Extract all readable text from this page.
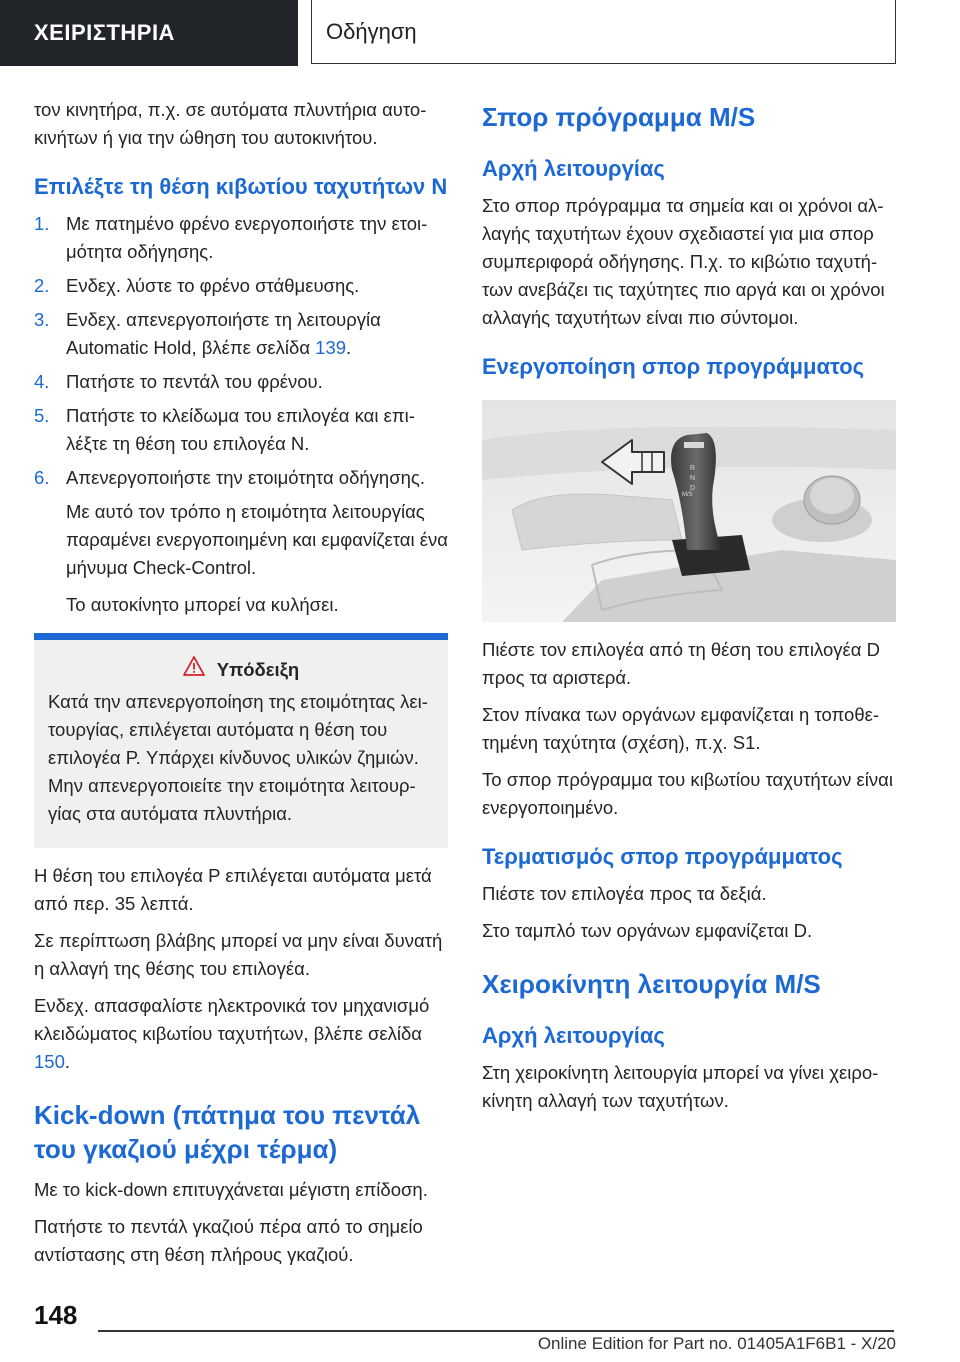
ΧΕΙΡΙΣΤΗΡΙΑ	Οδήγηση

τον κινητήρα, π.χ. σε αυτόματα πλυντήρια αυτοκινήτων ή για την ώθηση του αυτοκινήτου.

Επιλέξτε τη θέση κιβωτίου ταχυτήτων N
1. Με πατημένο φρένο ενεργοποιήστε την ετοιμότητα οδήγησης.
2. Ενδεχ. λύστε το φρένο στάθμευσης.
3. Ενδεχ. απενεργοποιήστε τη λειτουργία Automatic Hold, βλέπε σελίδα 139.
4. Πατήστε το πεντάλ του φρένου.
5. Πατήστε το κλείδωμα του επιλογέα και επιλέξτε τη θέση του επιλογέα N.
6. Απενεργοποιήστε την ετοιμότητα οδήγησης.

Με αυτό τον τρόπο η ετοιμότητα λειτουργίας παραμένει ενεργοποιημένη και εμφανίζεται ένα μήνυμα Check-Control.

Το αυτοκίνητο μπορεί να κυλήσει.

Υπόδειξη

Κατά την απενεργοποίηση της ετοιμότητας λειτουργίας, επιλέγεται αυτόματα η θέση του επιλογέα P. Υπάρχει κίνδυνος υλικών ζημιών. Μην απενεργοποιείτε την ετοιμότητα λειτουργίας στα αυτόματα πλυντήρια.

Η θέση του επιλογέα P επιλέγεται αυτόματα μετά από περ. 35 λεπτά.

Σε περίπτωση βλάβης μπορεί να μην είναι δυνατή η αλλαγή της θέσης του επιλογέα.

Ενδεχ. απασφαλίστε ηλεκτρονικά τον μηχανισμό κλειδώματος κιβωτίου ταχυτήτων, βλέπε σελίδα 150.

Kick-down (πάτημα του πεντάλ του γκαζιού μέχρι τέρμα)

Με το kick-down επιτυγχάνεται μέγιστη επίδοση.

Πατήστε το πεντάλ γκαζιού πέρα από το σημείο αντίστασης στη θέση πλήρους γκαζιού.

Σπορ πρόγραμμα M/S
Αρχή λειτουργίας

Στο σπορ πρόγραμμα τα σημεία και οι χρόνοι αλλαγής ταχυτήτων έχουν σχεδιαστεί για μια σπορ συμπεριφορά οδήγησης. Π.χ. το κιβώτιο ταχυτήτων ανεβάζει τις ταχύτητες πιο αργά και οι χρόνοι αλλαγής ταχυτήτων είναι πιο σύντομοι.

Ενεργοποίηση σπορ προγράμματος
R
N
D
M/S

Πιέστε τον επιλογέα από τη θέση του επιλογέα D προς τα αριστερά.

Στον πίνακα των οργάνων εμφανίζεται η τοποθετημένη ταχύτητα (σχέση), π.χ. S1.

Το σπορ πρόγραμμα του κιβωτίου ταχυτήτων είναι ενεργοποιημένο.

Τερματισμός σπορ προγράμματος

Πιέστε τον επιλογέα προς τα δεξιά.

Στο ταμπλό των οργάνων εμφανίζεται D.

Χειροκίνητη λειτουργία M/S
Αρχή λειτουργίας

Στη χειροκίνητη λειτουργία μπορεί να γίνει χειροκίνητη αλλαγή των ταχυτήτων.

148
Online Edition for Part no. 01405A1F6B1 - X/20
